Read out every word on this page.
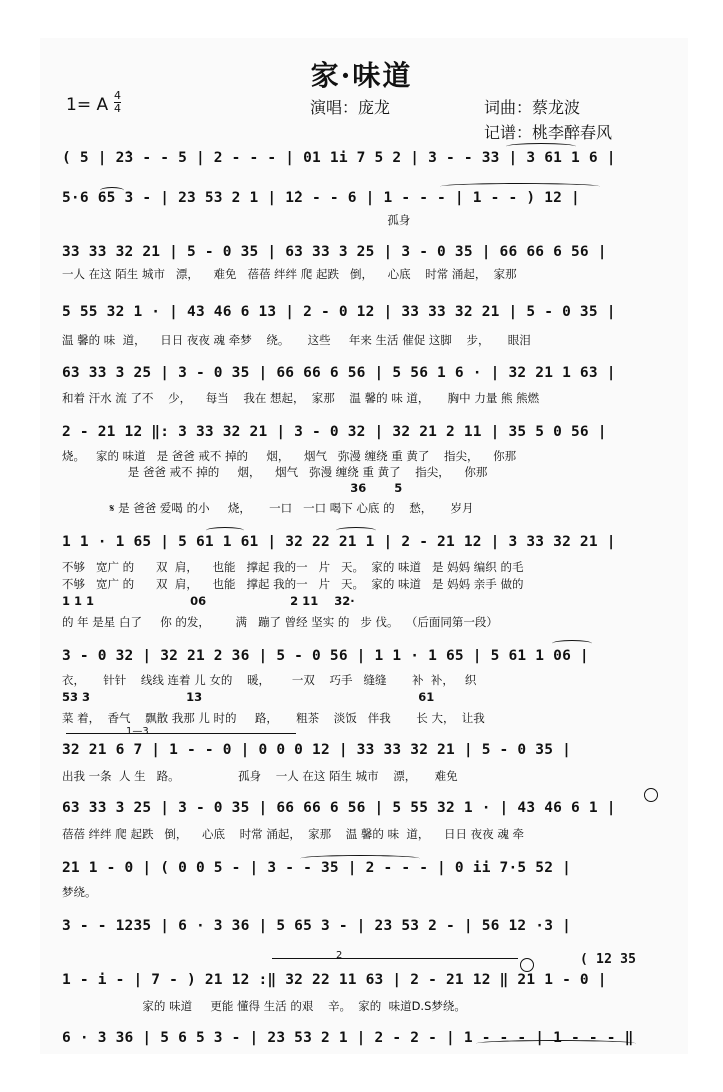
家·味道
1= A 4
4	演唱：庞龙	词曲：蔡龙波
记谱：桃李醉春风
( 5 | 2̇3 - - 5 | 2 - - - | 01 1i 7 5 2 | 3 - - 33 | 3 61 1 6 |
5·6 65 3 - | 23 53 2 1 | 1̇2 - - 6 | 1 - - - | 1 - - ) 12 |
孤身
33 33 32 21 | 5 - 0 35 | 63 33 3 25 | 3 - 0 35 | 66 66 6 56 |
一人 在这 陌生 城市   漂，    难免   蓓蓓 绊绊 爬 起跌   倒，    心底    时常 涌起，  家那
5 55 32 1 · | 43 46 6 13 | 2 - 0 12 | 33 33 32 21 | 5 - 0 35 |
温 馨的 味  道，    日日 夜夜 魂 牵梦    绕。     这些     年来 生活 催促 这脚    步，     眼泪
63 33 3 25 | 3 - 0 35 | 66 66 6 56 | 5 56 1 6 · | 32 21 1 63 |
和着 汗水 流 了不    少，    每当    我在 想起，  家那    温 馨的 味 道，     胸中 力量 熊 熊燃
2 - 21 12 ‖: 3 33 32 21 | 3 - 0 32 | 32 21 2 11 | 35 5 0 56 |
烧。   家的 味道   是 爸爸 戒不 掉的     烟，    烟气   弥漫 缠绕 重 黄了    指尖，    你那
是 爸爸 戒不 掉的     烟，    烟气   弥漫 缠绕 重 黄了    指尖，    你那
36       5
𝄋 是 爸爸 爱喝 的小     烧，     一口   一口 喝下 心底 的    愁，     岁月
1 1 · 1 65 | 5 61 1 61 | 32 22 21 1 | 2 - 21 12 | 3 33 32 21 |
不够   宽广 的      双  肩，    也能   撑起 我的一   片   天。  家的 味道   是 妈妈 编织 的毛
不够   宽广 的      双  肩，    也能   撑起 我的一   片   天。  家的 味道   是 妈妈 亲手 做的
1 1 1                        06                     2 11    32·
的 年 是星 白了     你 的发，       满   蹦了 曾经 坚实 的   步 伐。  （后面同第一段）
3 - 0 32 | 32 21 2 36 | 5 - 0 56 | 1 1 · 1 65 | 5 61 1 06 |
衣，     针针    线线 连着 儿 女的    暖，      一双    巧手   缝缝       补  补，   织
53 3                        13                                                      61
菜 着，  香气    飘散 我那 儿 时的     路，     粗茶    淡饭   伴我       长 大，  让我
1—3
32 21 6 7 | 1 - - 0 | 0 0 0 12 | 33 33 32 21 | 5 - 0 35 |
出我 一条  人 生   路。                孤身    一人 在这 陌生 城市    漂，     难免
63 33 3 25 | 3 - 0 35 | 66 66 6 56 | 5 55 32 1 · | 43 46 6 1 |
蓓蓓 绊绊 爬 起跌   倒，    心底    时常 涌起，  家那    温 馨的 味  道，    日日 夜夜 魂 牵
21 1 - 0 | ( 0 0 5 - | 3 - - 35 | 2 - - - | 0 ii 7·5 52 |
梦绕。
3 - - 1235 | 6 · 3 36 | 5 65 3 - | 23 53 2 - | 56 12 ·3 |
2	( 12 35
1 - i - | 7 - ) 21 12 :‖ 32 22 11 63 | 2 - 21 12 ‖ 21 1 - 0 |
家的 味道     更能 懂得 生活 的艰    辛。  家的  味道D.S梦绕。
6 · 3 36 | 5 6 5 3 - | 23 53 2 1 | 2 - 2 - | 1 - - - | 1 - - - ‖
